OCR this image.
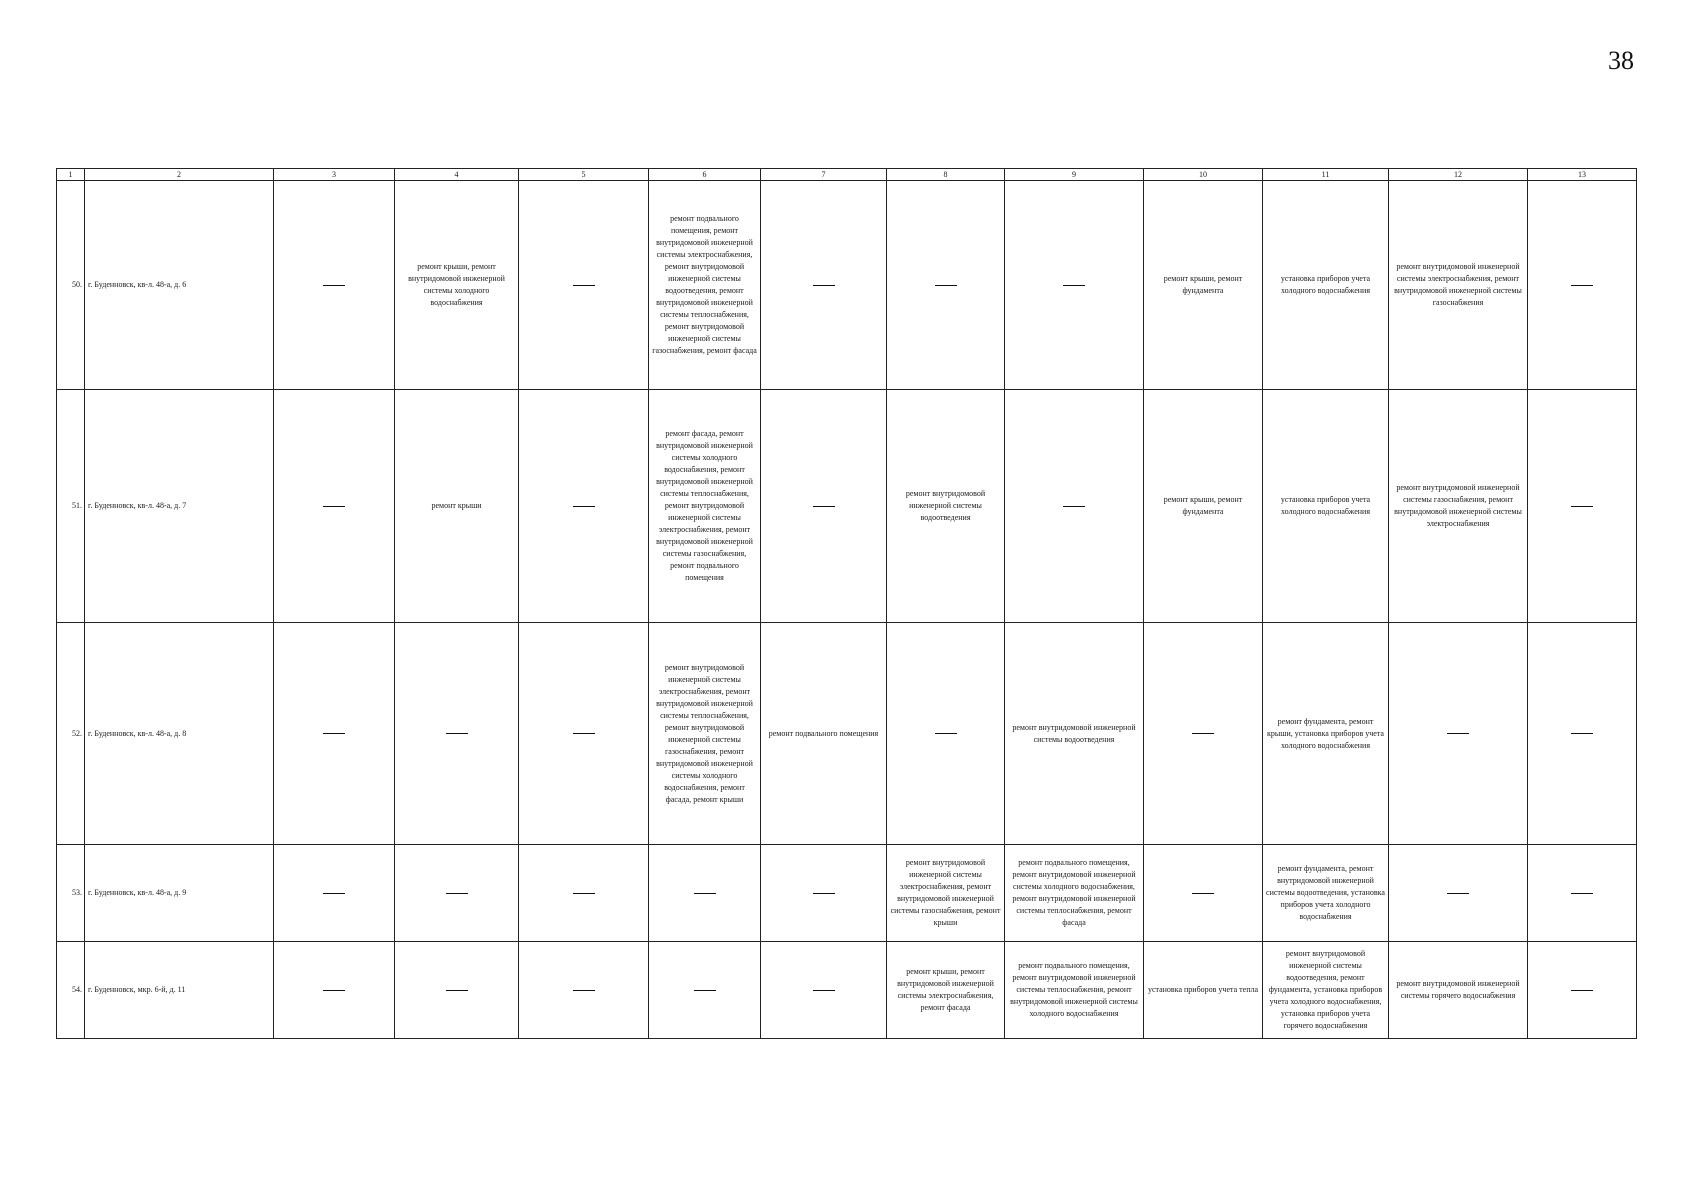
38
1	2	3	4	5	6	7	8	9	10	11	12	13
50.	г. Буденновск, кв-л. 48-а, д. 6		ремонт крыши, ремонт внутридомовой инженерной системы холодного водоснабжения		ремонт подвального помещения, ремонт внутридомовой инженерной системы электроснабжения, ремонт внутридомовой инженерной системы водоотведения, ремонт внутридомовой инженерной системы теплоснабжения, ремонт внутридомовой инженерной системы газоснабжения, ремонт фасада				ремонт крыши, ремонт фундамента	установка приборов учета холодного водоснабжения	ремонт внутридомовой инженерной системы электроснабжения, ремонт внутридомовой инженерной системы газоснабжения	
51.	г. Буденновск, кв-л. 48-а, д. 7		ремонт крыши		ремонт фасада, ремонт внутридомовой инженерной системы холодного водоснабжения, ремонт внутридомовой инженерной системы теплоснабжения, ремонт внутридомовой инженерной системы электроснабжения, ремонт внутридомовой инженерной системы газоснабжения, ремонт подвального помещения		ремонт внутридомовой инженерной системы водоотведения		ремонт крыши, ремонт фундамента	установка приборов учета холодного водоснабжения	ремонт внутридомовой инженерной системы газоснабжения, ремонт внутридомовой инженерной системы электроснабжения	
52.	г. Буденновск, кв-л. 48-а, д. 8				ремонт внутридомовой инженерной системы электроснабжения, ремонт внутридомовой инженерной системы теплоснабжения, ремонт внутридомовой инженерной системы газоснабжения, ремонт внутридомовой инженерной системы холодного водоснабжения, ремонт фасада, ремонт крыши	ремонт подвального помещения		ремонт внутридомовой инженерной системы водоотведения		ремонт фундамента, ремонт крыши, установка приборов учета холодного водоснабжения		
53.	г. Буденновск, кв-л. 48-а, д. 9						ремонт внутридомовой инженерной системы электроснабжения, ремонт внутридомовой инженерной системы газоснабжения, ремонт крыши	ремонт подвального помещения, ремонт внутридомовой инженерной системы холодного водоснабжения, ремонт внутридомовой инженерной системы теплоснабжения, ремонт фасада		ремонт фундамента, ремонт внутридомовой инженерной системы водоотведения, установка приборов учета холодного водоснабжения		
54.	г. Буденновск, мкр. 6-й, д. 11						ремонт крыши, ремонт внутридомовой инженерной системы электроснабжения, ремонт фасада	ремонт подвального помещения, ремонт внутридомовой инженерной системы теплоснабжения, ремонт внутридомовой инженерной системы холодного водоснабжения	установка приборов учета тепла	ремонт внутридомовой инженерной системы водоотведения, ремонт фундамента, установка приборов учета холодного водоснабжения, установка приборов учета горячего водоснабжения	ремонт внутридомовой инженерной системы горячего водоснабжения	
